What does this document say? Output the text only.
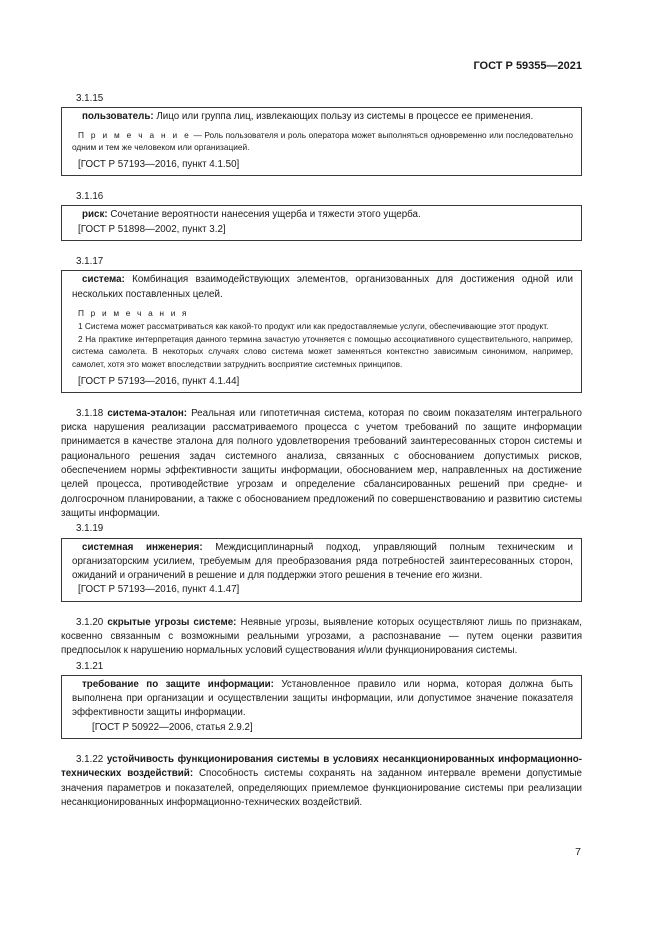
ГОСТ Р 59355—2021

3.1.15

пользователь: Лицо или группа лиц, извлекающих пользу из системы в процессе ее применения.

П р и м е ч а н и е — Роль пользователя и роль оператора может выполняться одновременно или последовательно одним и тем же человеком или организацией.

[ГОСТ Р 57193—2016, пункт 4.1.50]

3.1.16

риск: Сочетание вероятности нанесения ущерба и тяжести этого ущерба.

[ГОСТ Р 51898—2002, пункт 3.2]

3.1.17

система: Комбинация взаимодействующих элементов, организованных для достижения одной или нескольких поставленных целей.

П р и м е ч а н и я

1 Система может рассматриваться как какой-то продукт или как предоставляемые услуги, обеспечивающие этот продукт.

2 На практике интерпретация данного термина зачастую уточняется с помощью ассоциативного существительного, например, система самолета. В некоторых случаях слово система может заменяться контекстно зависимым синонимом, например, самолет, хотя это может впоследствии затруднить восприятие системных принципов.

[ГОСТ Р 57193—2016, пункт 4.1.44]

3.1.18 система-эталон: Реальная или гипотетичная система, которая по своим показателям интегрального риска нарушения реализации рассматриваемого процесса с учетом требований по защите информации принимается в качестве эталона для полного удовлетворения требований заинтересованных сторон системы и рационального решения задач системного анализа, связанных с обоснованием допустимых рисков, обеспечением нормы эффективности защиты информации, обоснованием мер, направленных на достижение целей процесса, противодействие угрозам и определение сбалансированных решений при средне- и долгосрочном планировании, а также с обоснованием предложений по совершенствованию и развитию системы защиты информации.

3.1.19

системная инженерия: Междисциплинарный подход, управляющий полным техническим и организаторским усилием, требуемым для преобразования ряда потребностей заинтересованных сторон, ожиданий и ограничений в решение и для поддержки этого решения в течение его жизни.

[ГОСТ Р 57193—2016, пункт 4.1.47]

3.1.20 скрытые угрозы системе: Неявные угрозы, выявление которых осуществляют лишь по признакам, косвенно связанным с возможными реальными угрозами, а распознавание — путем оценки развития предпосылок к нарушению нормальных условий существования и/или функционирования системы.

3.1.21

требование по защите информации: Установленное правило или норма, которая должна быть выполнена при организации и осуществлении защиты информации, или допустимое значение показателя эффективности защиты информации.

[ГОСТ Р 50922—2006, статья 2.9.2]

3.1.22 устойчивость функционирования системы в условиях несанкционированных информационно-технических воздействий: Способность системы сохранять на заданном интервале времени допустимые значения параметров и показателей, определяющих приемлемое функционирование системы при реализации несанкционированных информационно-технических воздействий.

7
